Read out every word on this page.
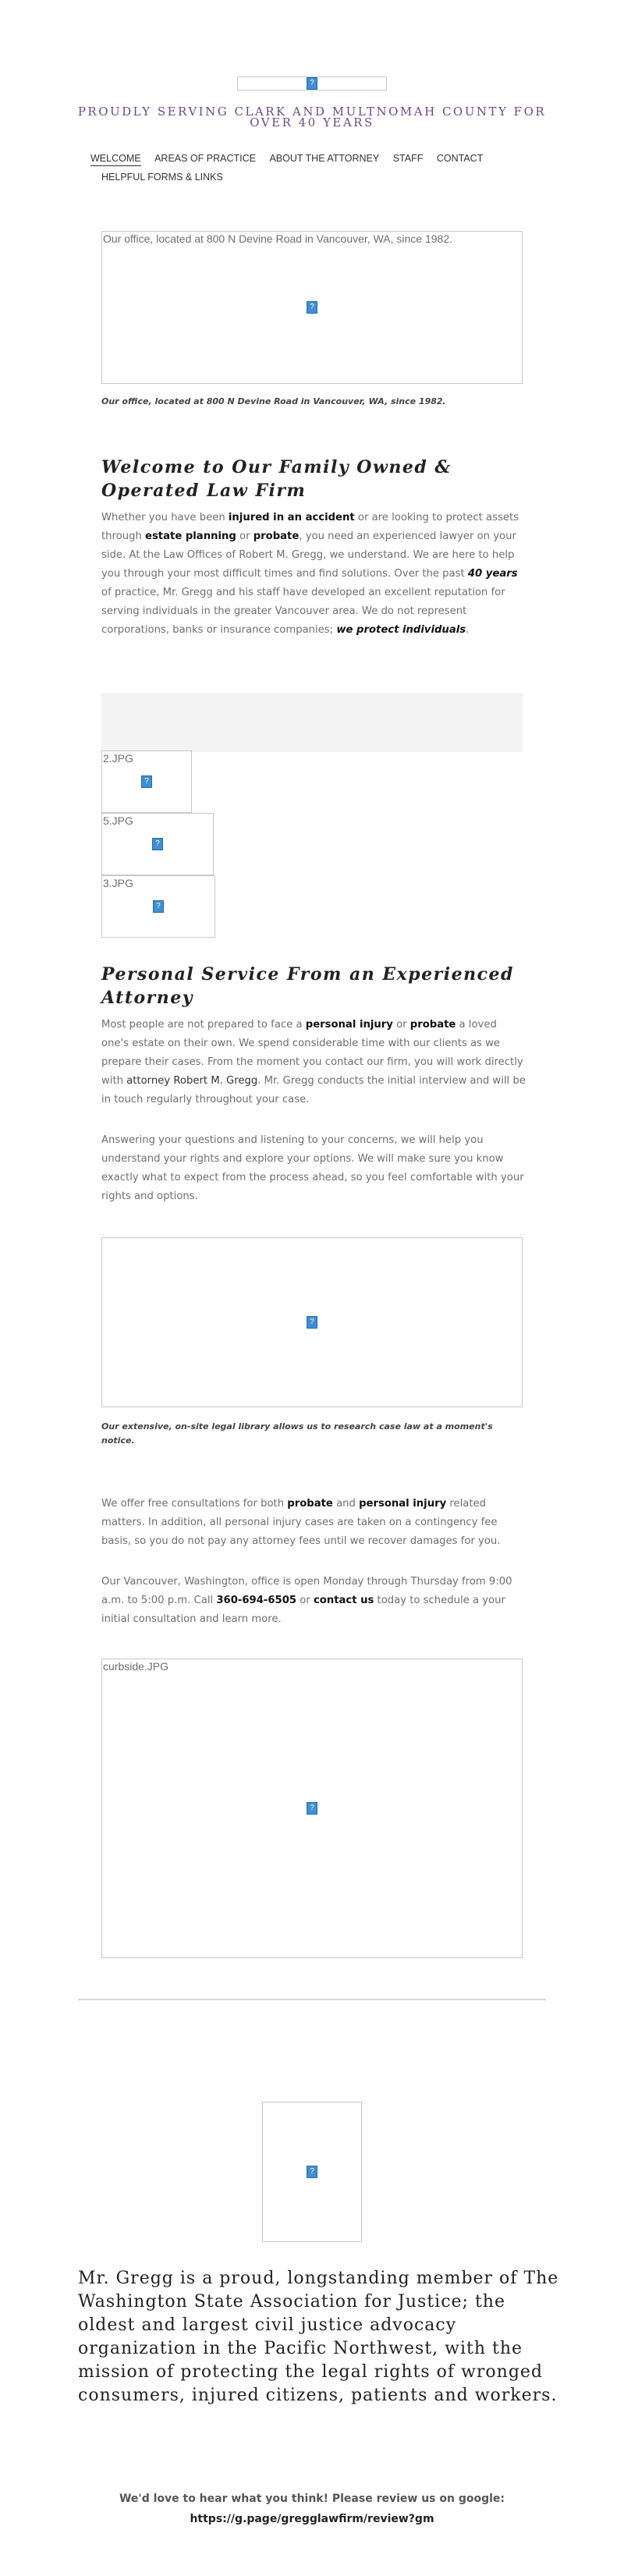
?
PROUDLY SERVING CLARK AND MULTNOMAH COUNTY FOR OVER 40 YEARS
WELCOME AREAS OF PRACTICE ABOUT THE ATTORNEY STAFF CONTACT
HELPFUL FORMS & LINKS
Our office, located at 800 N Devine Road in Vancouver, WA, since 1982.
?
Our office, located at 800 N Devine Road in Vancouver, WA, since 1982.
Welcome to Our Family Owned & Operated Law Firm
Whether you have been injured in an accident or are looking to protect assets through estate planning or probate, you need an experienced lawyer on your side. At the Law Offices of Robert M. Gregg, we understand. We are here to help you through your most difficult times and find solutions. Over the past 40 years of practice, Mr. Gregg and his staff have developed an excellent reputation for serving individuals in the greater Vancouver area. We do not represent corporations, banks or insurance companies; we protect individuals.
2.JPG
?
5.JPG
?
3.JPG
?
Personal Service From an Experienced Attorney
Most people are not prepared to face a personal injury or probate a loved one's estate on their own. We spend considerable time with our clients as we prepare their cases. From the moment you contact our firm, you will work directly with attorney Robert M. Gregg. Mr. Gregg conducts the initial interview and will be in touch regularly throughout your case.
Answering your questions and listening to your concerns, we will help you understand your rights and explore your options. We will make sure you know exactly what to expect from the process ahead, so you feel comfortable with your rights and options.
?
Our extensive, on-site legal library allows us to research case law at a moment's notice.
We offer free consultations for both probate and personal injury related matters. In addition, all personal injury cases are taken on a contingency fee basis, so you do not pay any attorney fees until we recover damages for you.
Our Vancouver, Washington, office is open Monday through Thursday from 9:00 a.m. to 5:00 p.m. Call 360-694-6505 or contact us today to schedule a your initial consultation and learn more.
curbside.JPG
?
?
Mr. Gregg is a proud, longstanding member of The Washington State Association for Justice; the oldest and largest civil justice advocacy organization in the Pacific Northwest, with the mission of protecting the legal rights of wronged consumers, injured citizens, patients and workers.
We'd love to hear what you think! Please review us on google:
https://g.page/gregglawfirm/review?gm
